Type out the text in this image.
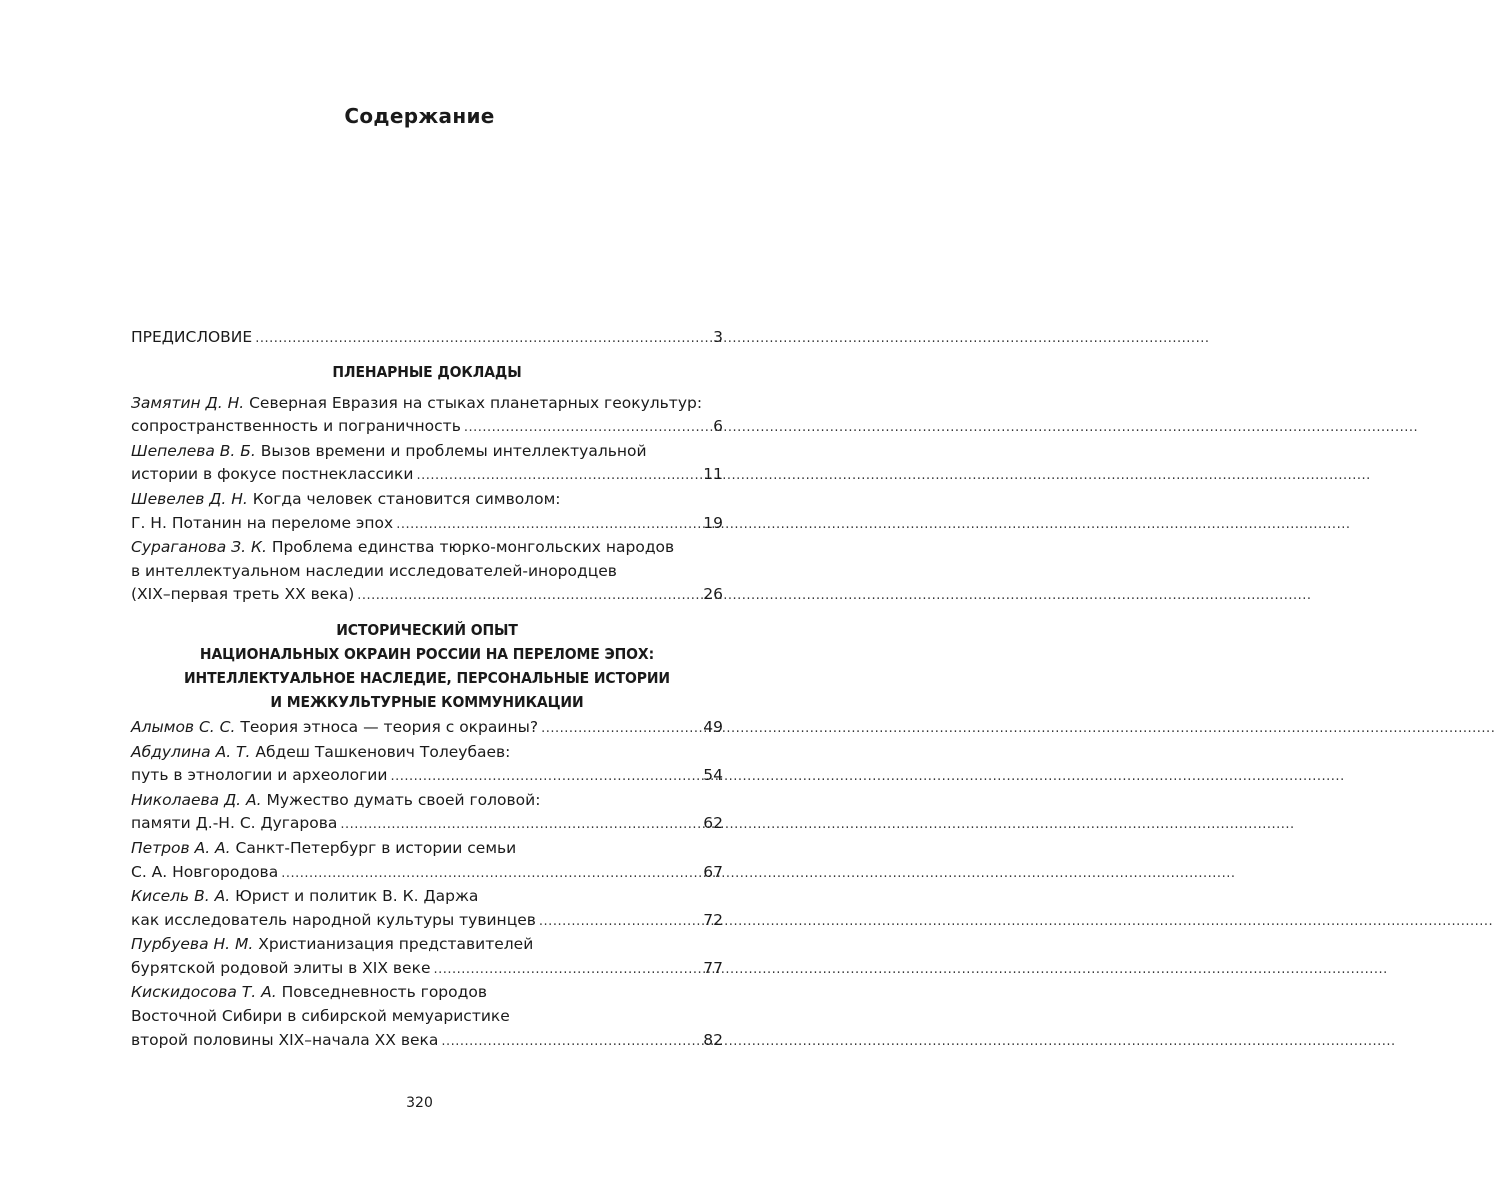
Содержание
ПРЕДИСЛОВИЕ .....	3
ПЛЕНАРНЫЕ ДОКЛАДЫ
Замятин Д. Н. Северная Евразия на стыках планетарных геокультур:
сопространственность и пограничность .....	6
Шепелева В. Б. Вызов времени и проблемы интеллектуальной
истории в фокусе постнеклассики .....	11
Шевелев Д. Н. Когда человек становится символом:
Г. Н. Потанин на переломе эпох .....	19
Сураганова З. К. Проблема единства тюрко-монгольских народов
в интеллектуальном наследии исследователей-инородцев
(XIX–первая треть XX века) .....	26
ИСТОРИЧЕСКИЙ ОПЫТ
НАЦИОНАЛЬНЫХ ОКРАИН РОССИИ НА ПЕРЕЛОМЕ ЭПОХ:
ИНТЕЛЛЕКТУАЛЬНОЕ НАСЛЕДИЕ, ПЕРСОНАЛЬНЫЕ ИСТОРИИ
И МЕЖКУЛЬТУРНЫЕ КОММУНИКАЦИИ
Алымов С. С. Теория этноса — теория с окраины? .....	49
Абдулина А. Т. Абдеш Ташкенович Толеубаев:
путь в этнологии и археологии .....	54
Николаева Д. А. Мужество думать своей головой:
памяти Д.-Н. С. Дугарова .....	62
Петров А. А. Санкт-Петербург в истории семьи
С. А. Новгородова .....	67
Кисель В. А. Юрист и политик В. К. Даржа
как исследователь народной культуры тувинцев .....	72
Пурбуева Н. М. Христианизация представителей
бурятской родовой элиты в XIX веке .....	77
Кискидосова Т. А. Повседневность городов
Восточной Сибири в сибирской мемуаристике
второй половины XIX–начала XX века .....	82
320
